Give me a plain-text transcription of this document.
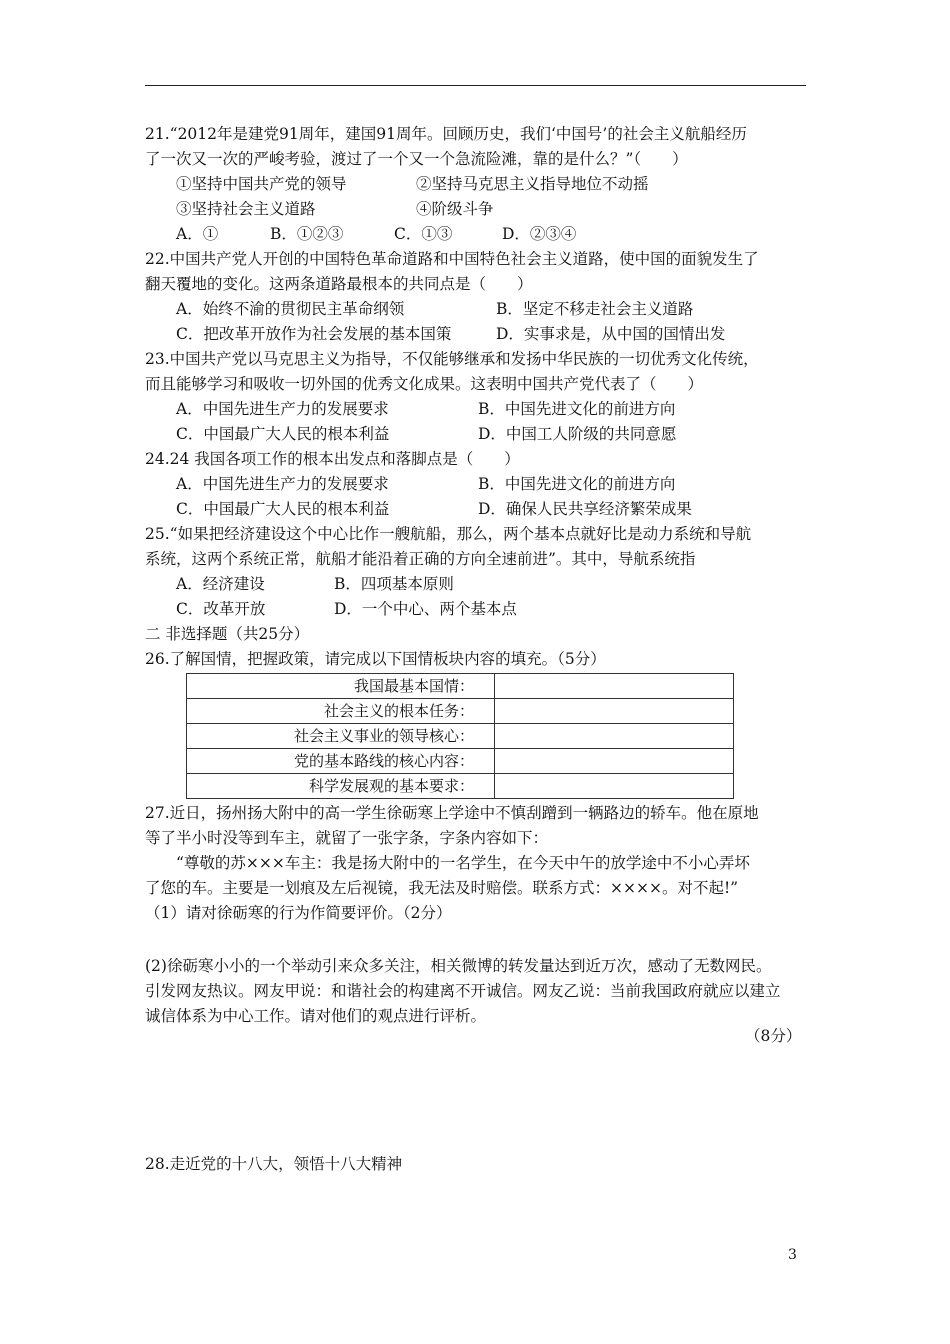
21.“2012年是建党91周年，建国91周年。回顾历史，我们‘中国号’的社会主义航船经历
了一次又一次的严峻考验，渡过了一个又一个急流险滩，靠的是什么？”（　　）
①坚持中国共产党的领导	②坚持马克思主义指导地位不动摇
③坚持社会主义道路	④阶级斗争
A．①	B．①②③	C．①③	D．②③④
22.中国共产党人开创的中国特色革命道路和中国特色社会主义道路，使中国的面貌发生了
翻天覆地的变化。这两条道路最根本的共同点是（　　）
A．始终不渝的贯彻民主革命纲领	B．坚定不移走社会主义道路
C．把改革开放作为社会发展的基本国策	D．实事求是，从中国的国情出发
23.中国共产党以马克思主义为指导，不仅能够继承和发扬中华民族的一切优秀文化传统，
而且能够学习和吸收一切外国的优秀文化成果。这表明中国共产党代表了（　　）
A．中国先进生产力的发展要求	B．中国先进文化的前进方向
C．中国最广大人民的根本利益	D．中国工人阶级的共同意愿
24.24 我国各项工作的根本出发点和落脚点是（　　）
A．中国先进生产力的发展要求	B．中国先进文化的前进方向
C．中国最广大人民的根本利益	D．确保人民共享经济繁荣成果
25.“如果把经济建设这个中心比作一艘航船，那么，两个基本点就好比是动力系统和导航
系统，这两个系统正常，航船才能沿着正确的方向全速前进”。其中，导航系统指
A．经济建设	B．四项基本原则
C．改革开放	D．一个中心、两个基本点
二 非选择题（共25分）
26.了解国情，把握政策，请完成以下国情板块内容的填充。（5分）
我国最基本国情：	
社会主义的根本任务：	
社会主义事业的领导核心：	
党的基本路线的核心内容：	
科学发展观的基本要求：	
27.近日，扬州扬大附中的高一学生徐砺寒上学途中不慎刮蹭到一辆路边的轿车。他在原地
等了半小时没等到车主，就留了一张字条，字条内容如下：
“尊敬的苏×××车主：我是扬大附中的一名学生，在今天中午的放学途中不小心弄坏
了您的车。主要是一划痕及左后视镜，我无法及时赔偿。联系方式：××××。对不起!”
（1）请对徐砺寒的行为作简要评价。（2分）
(2)徐砺寒小小的一个举动引来众多关注，相关微博的转发量达到近万次，感动了无数网民。
引发网友热议。网友甲说：和谐社会的构建离不开诚信。网友乙说：当前我国政府就应以建立
诚信体系为中心工作。请对他们的观点进行评析。
（8分）
28.走近党的十八大，领悟十八大精神
3
